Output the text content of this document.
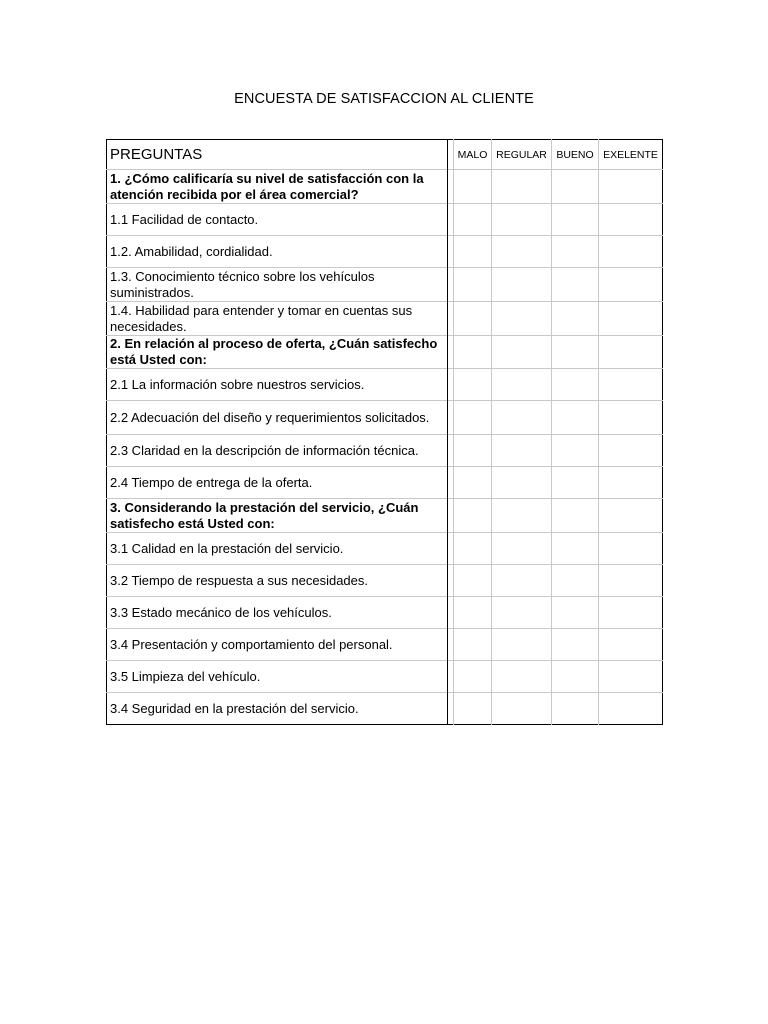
ENCUESTA DE SATISFACCION AL CLIENTE
PREGUNTAS		MALO	REGULAR	BUENO	EXELENTE
1. ¿Cómo calificaría su nivel de satisfacción con la atención recibida por el área comercial?					
1.1 Facilidad de contacto.					
1.2. Amabilidad, cordialidad.					
1.3. Conocimiento técnico sobre los vehículos suministrados.					
1.4. Habilidad para entender y tomar en cuentas sus necesidades.					
2. En relación al proceso de oferta, ¿Cuán satisfecho está Usted con:					
2.1 La información sobre nuestros servicios.					
2.2 Adecuación del diseño y requerimientos solicitados.					
2.3 Claridad en la descripción de información técnica.					
2.4 Tiempo de entrega de la oferta.					
3. Considerando la prestación del servicio, ¿Cuán satisfecho está Usted con:					
3.1 Calidad en la prestación del servicio.					
3.2 Tiempo de respuesta a sus necesidades.					
3.3 Estado mecánico de los vehículos.					
3.4 Presentación y comportamiento del personal.					
3.5 Limpieza del vehículo.					
3.4 Seguridad en la prestación del servicio.					
